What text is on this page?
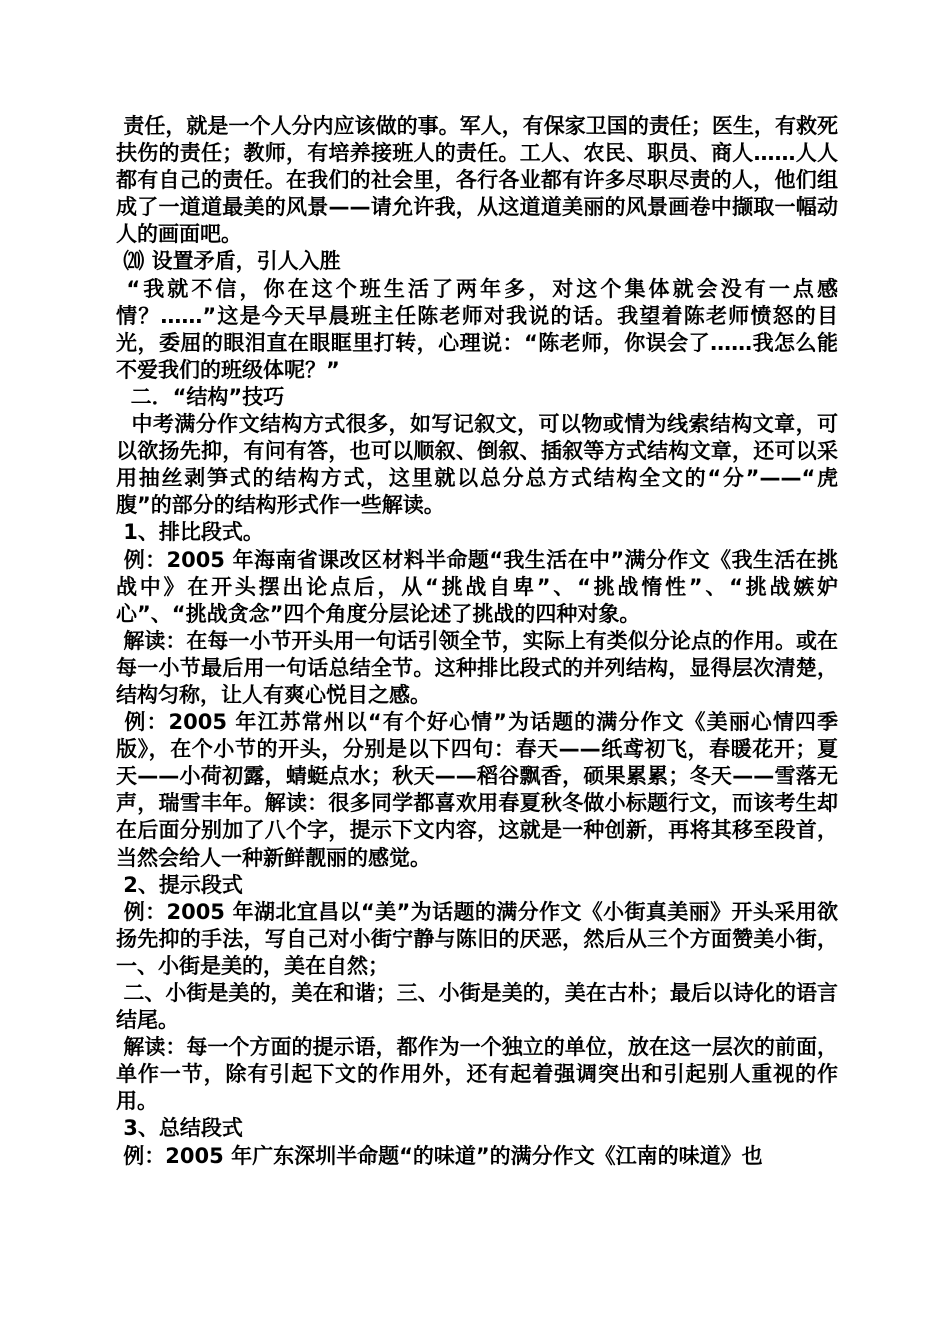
责任，就是一个人分内应该做的事。军人，有保家卫国的责任；医生，有救死扶伤的责任；教师，有培养接班人的责任。工人、农民、职员、商人……人人都有自己的责任。在我们的社会里，各行各业都有许多尽职尽责的人，他们组成了一道道最美的风景——请允许我，从这道道美丽的风景画卷中撷取一幅动人的画面吧。

⒇ 设置矛盾，引人入胜

“我就不信，你在这个班生活了两年多，对这个集体就会没有一点感情？……”这是今天早晨班主任陈老师对我说的话。我望着陈老师愤怒的目光，委屈的眼泪直在眼眶里打转，心理说：“陈老师，你误会了……我怎么能不爱我们的班级体呢？”

二．“结构”技巧

中考满分作文结构方式很多，如写记叙文，可以物或情为线索结构文章，可以欲扬先抑，有问有答，也可以顺叙、倒叙、插叙等方式结构文章，还可以采用抽丝剥笋式的结构方式，这里就以总分总方式结构全文的“分”——“虎腹”的部分的结构形式作一些解读。

1、排比段式。

例：2005 年海南省课改区材料半命题“我生活在中”满分作文《我生活在挑战中》在开头摆出论点后，从“挑战自卑”、“挑战惰性”、“挑战嫉妒心”、“挑战贪念”四个角度分层论述了挑战的四种对象。

解读：在每一小节开头用一句话引领全节，实际上有类似分论点的作用。或在每一小节最后用一句话总结全节。这种排比段式的并列结构，显得层次清楚，结构匀称，让人有爽心悦目之感。

例：2005 年江苏常州以“有个好心情”为话题的满分作文《美丽心情四季版》，在个小节的开头，分别是以下四句：春天——纸鸢初飞，春暖花开；夏天——小荷初露，蜻蜓点水；秋天——稻谷飘香，硕果累累；冬天——雪落无声，瑞雪丰年。解读：很多同学都喜欢用春夏秋冬做小标题行文，而该考生却在后面分别加了八个字，提示下文内容，这就是一种创新，再将其移至段首，当然会给人一种新鲜靓丽的感觉。

2、提示段式

例：2005 年湖北宜昌以“美”为话题的满分作文《小街真美丽》开头采用欲扬先抑的手法，写自己对小街宁静与陈旧的厌恶，然后从三个方面赞美小街，一、小街是美的，美在自然；

二、小街是美的，美在和谐；三、小街是美的，美在古朴；最后以诗化的语言结尾。

解读：每一个方面的提示语，都作为一个独立的单位，放在这一层次的前面，单作一节，除有引起下文的作用外，还有起着强调突出和引起别人重视的作用。

3、总结段式

例：2005 年广东深圳半命题“的味道”的满分作文《江南的味道》也
